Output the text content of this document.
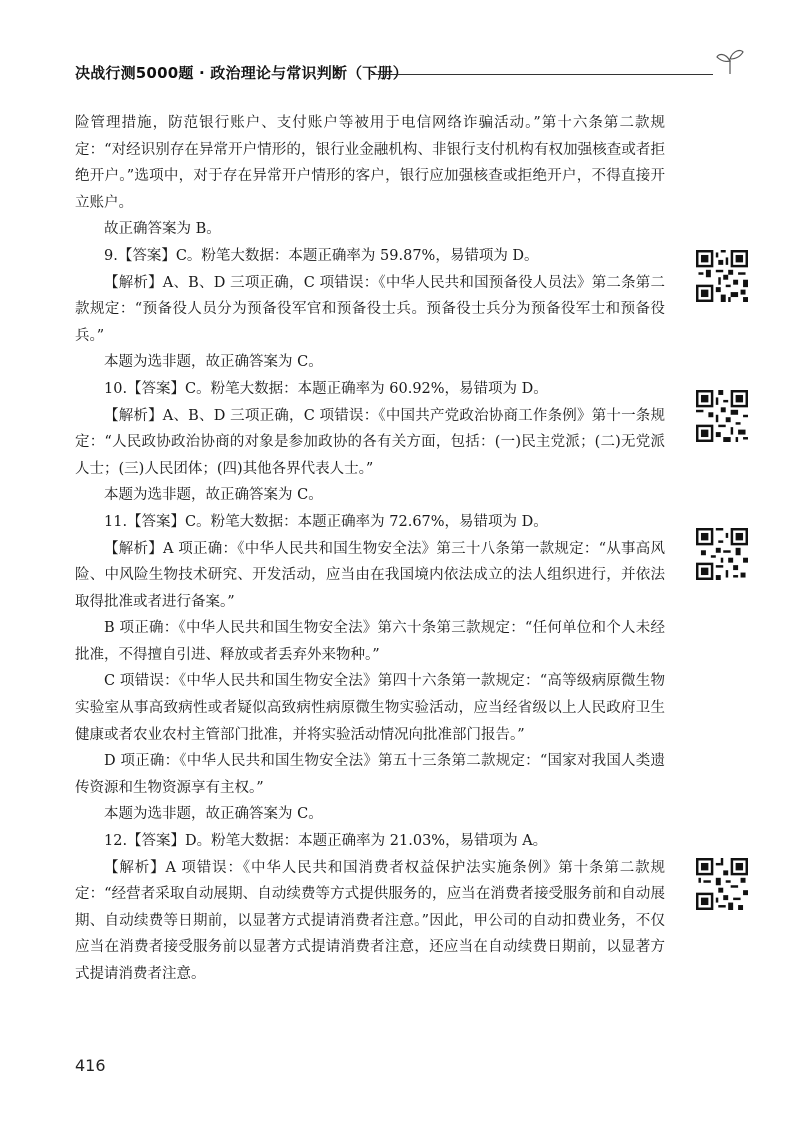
决战行测5000题 · 政治理论与常识判断（下册）

险管理措施，防范银行账户、支付账户等被用于电信网络诈骗活动。”第十六条第二款规定：“对经识别存在异常开户情形的，银行业金融机构、非银行支付机构有权加强核查或者拒绝开户。”选项中，对于存在异常开户情形的客户，银行应加强核查或拒绝开户，不得直接开立账户。

故正确答案为 B。

9.【答案】C。粉笔大数据：本题正确率为 59.87%，易错项为 D。

【解析】A、B、D 三项正确，C 项错误：《中华人民共和国预备役人员法》第二条第二款规定：“预备役人员分为预备役军官和预备役士兵。预备役士兵分为预备役军士和预备役兵。”

本题为选非题，故正确答案为 C。

10.【答案】C。粉笔大数据：本题正确率为 60.92%，易错项为 D。

【解析】A、B、D 三项正确，C 项错误：《中国共产党政治协商工作条例》第十一条规定：“人民政协政治协商的对象是参加政协的各有关方面，包括：(一)民主党派；(二)无党派人士；(三)人民团体；(四)其他各界代表人士。”

本题为选非题，故正确答案为 C。

11.【答案】C。粉笔大数据：本题正确率为 72.67%，易错项为 D。

【解析】A 项正确：《中华人民共和国生物安全法》第三十八条第一款规定：“从事高风险、中风险生物技术研究、开发活动，应当由在我国境内依法成立的法人组织进行，并依法取得批准或者进行备案。”

B 项正确：《中华人民共和国生物安全法》第六十条第三款规定：“任何单位和个人未经批准，不得擅自引进、释放或者丢弃外来物种。”

C 项错误：《中华人民共和国生物安全法》第四十六条第一款规定：“高等级病原微生物实验室从事高致病性或者疑似高致病性病原微生物实验活动，应当经省级以上人民政府卫生健康或者农业农村主管部门批准，并将实验活动情况向批准部门报告。”

D 项正确：《中华人民共和国生物安全法》第五十三条第二款规定：“国家对我国人类遗传资源和生物资源享有主权。”

本题为选非题，故正确答案为 C。

12.【答案】D。粉笔大数据：本题正确率为 21.03%，易错项为 A。

【解析】A 项错误：《中华人民共和国消费者权益保护法实施条例》第十条第二款规定：“经营者采取自动展期、自动续费等方式提供服务的，应当在消费者接受服务前和自动展期、自动续费等日期前，以显著方式提请消费者注意。”因此，甲公司的自动扣费业务，不仅应当在消费者接受服务前以显著方式提请消费者注意，还应当在自动续费日期前，以显著方式提请消费者注意。

416
